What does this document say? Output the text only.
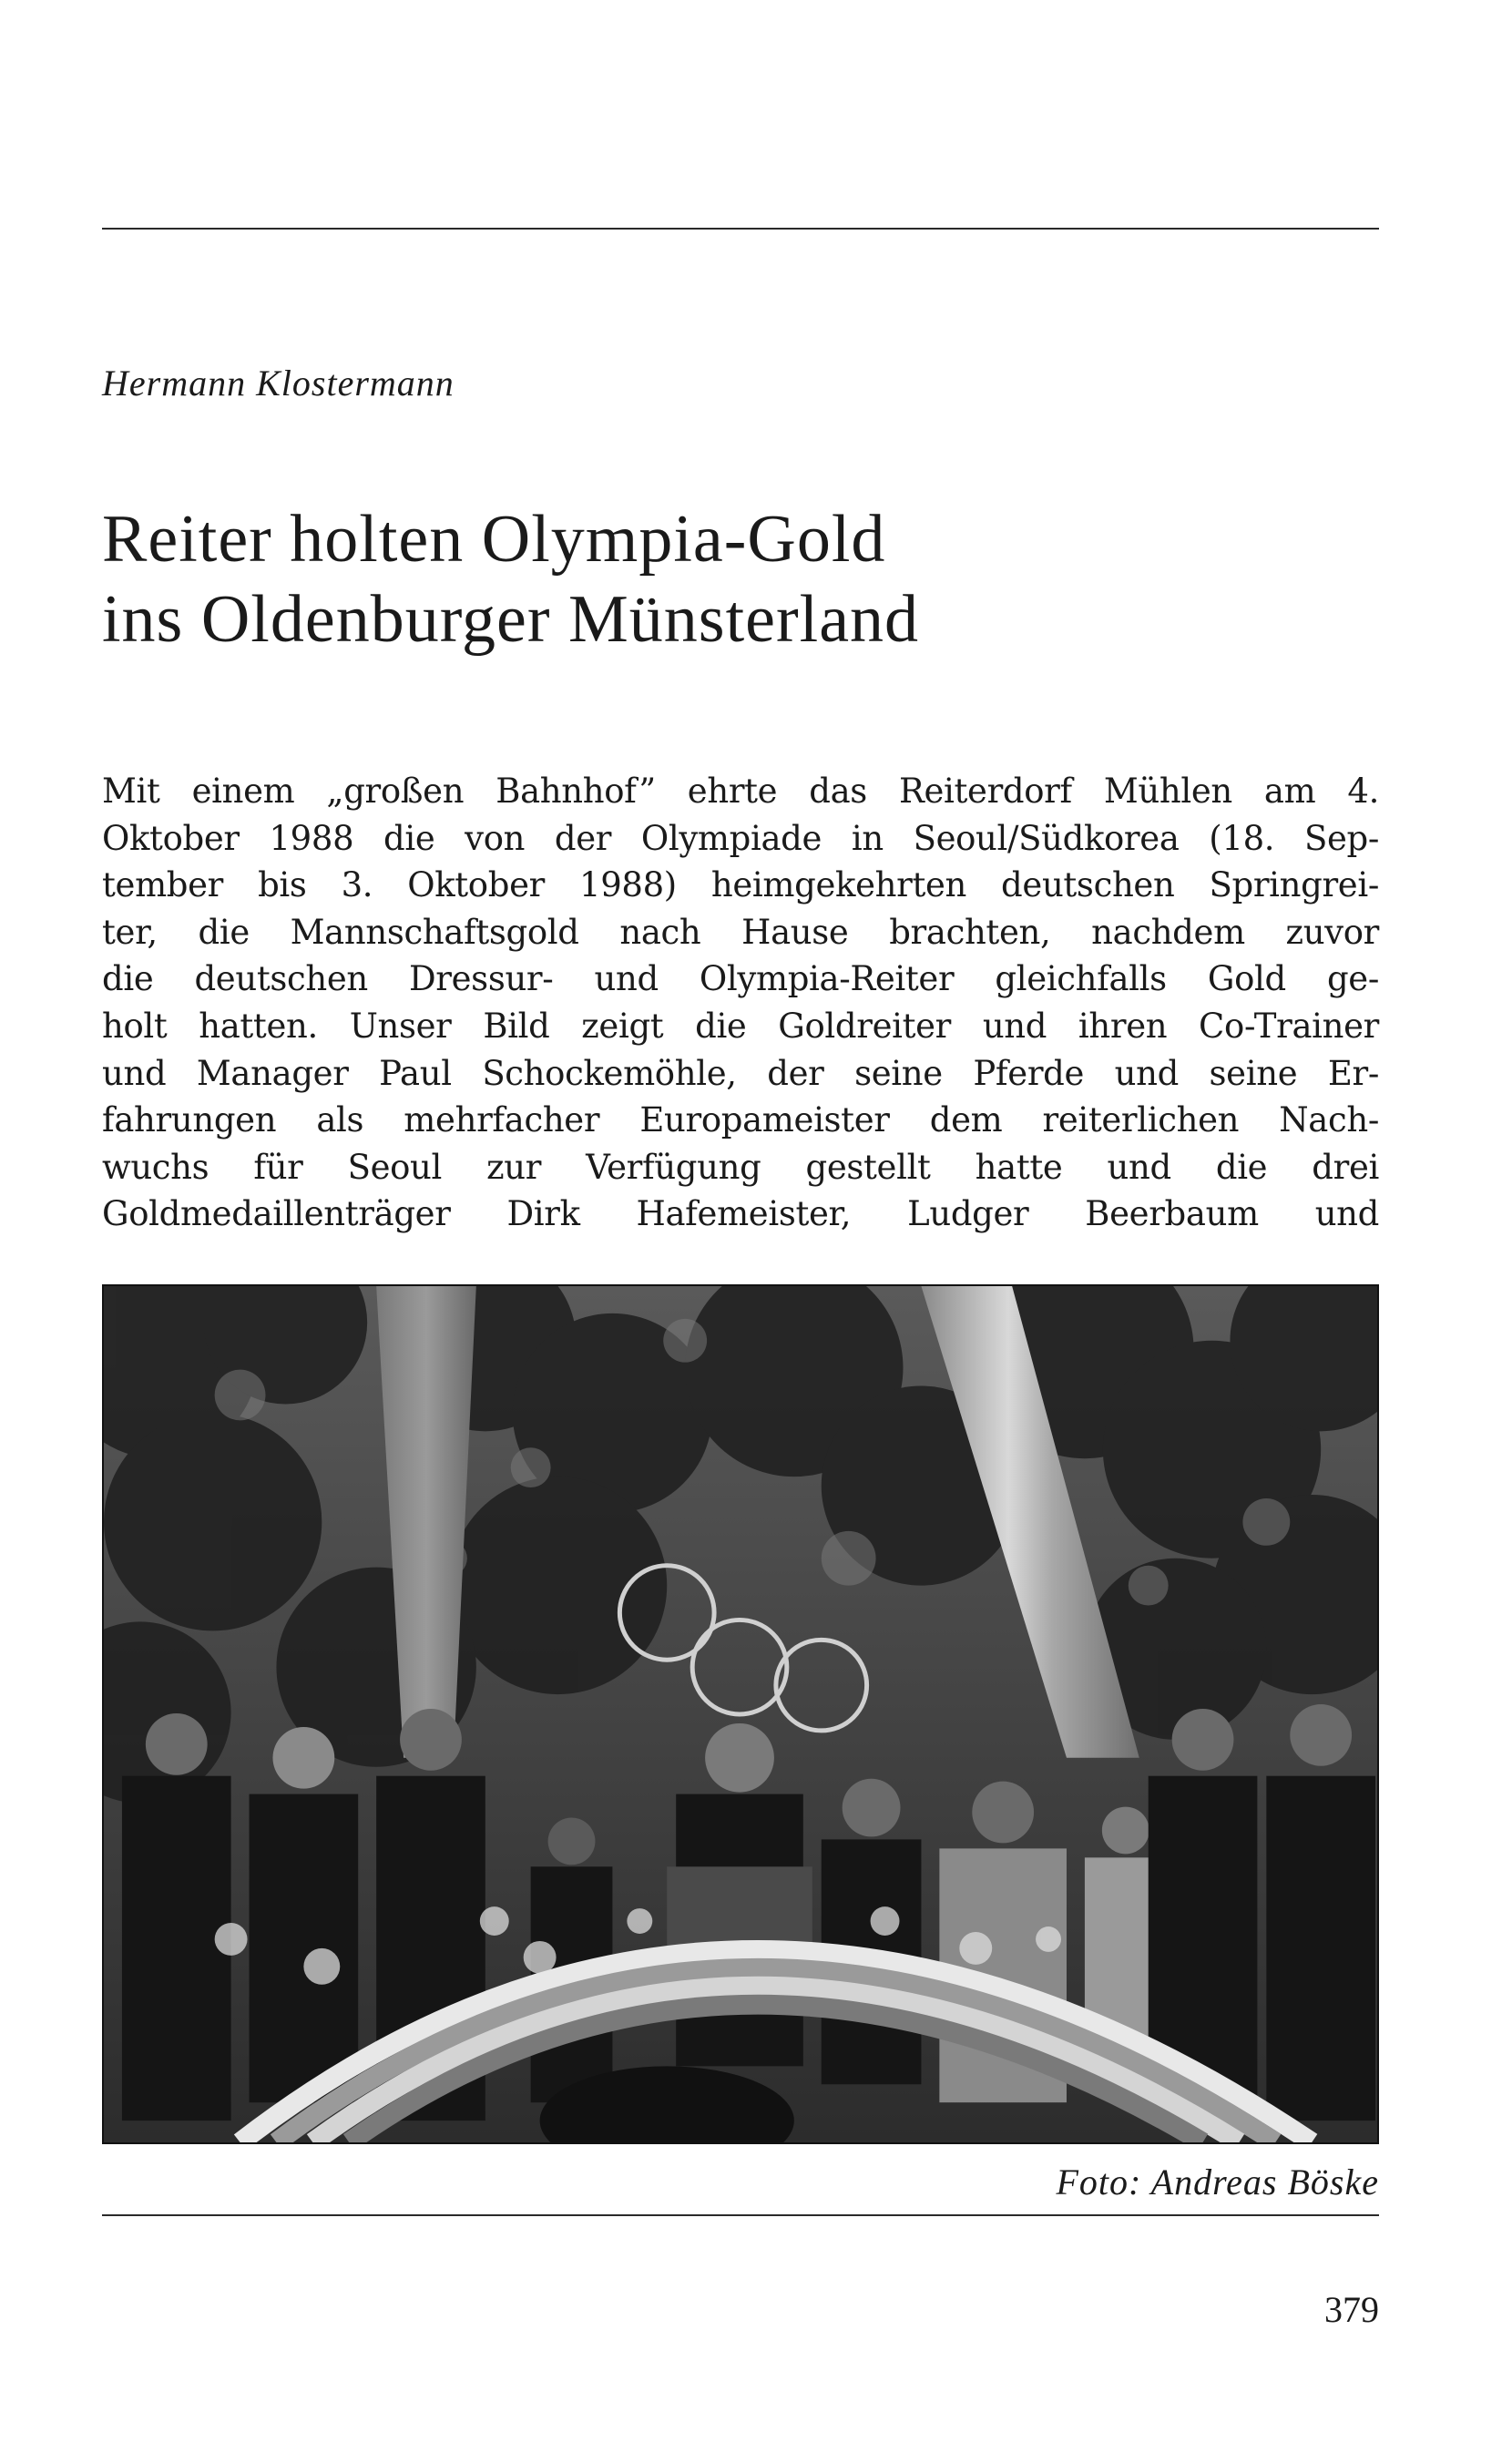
Hermann Klostermann
Reiter holten Olympia-Gold
ins Oldenburger Münsterland

Mit einem „großen Bahnhof” ehrte das Reiterdorf Mühlen am 4.
Oktober 1988 die von der Olympiade in Seoul/Südkorea (18. Sep-
tember bis 3. Oktober 1988) heimgekehrten deutschen Springrei-
ter, die Mannschaftsgold nach Hause brachten, nachdem zuvor
die deutschen Dressur- und Olympia-Reiter gleichfalls Gold ge-
holt hatten. Unser Bild zeigt die Goldreiter und ihren Co-Trainer
und Manager Paul Schockemöhle, der seine Pferde und seine Er-
fahrungen als mehrfacher Europameister dem reiterlichen Nach-
wuchs für Seoul zur Verfügung gestellt hatte und die drei
Goldmedaillenträger Dirk Hafemeister, Ludger Beerbaum und

Foto: Andreas Böske
379
